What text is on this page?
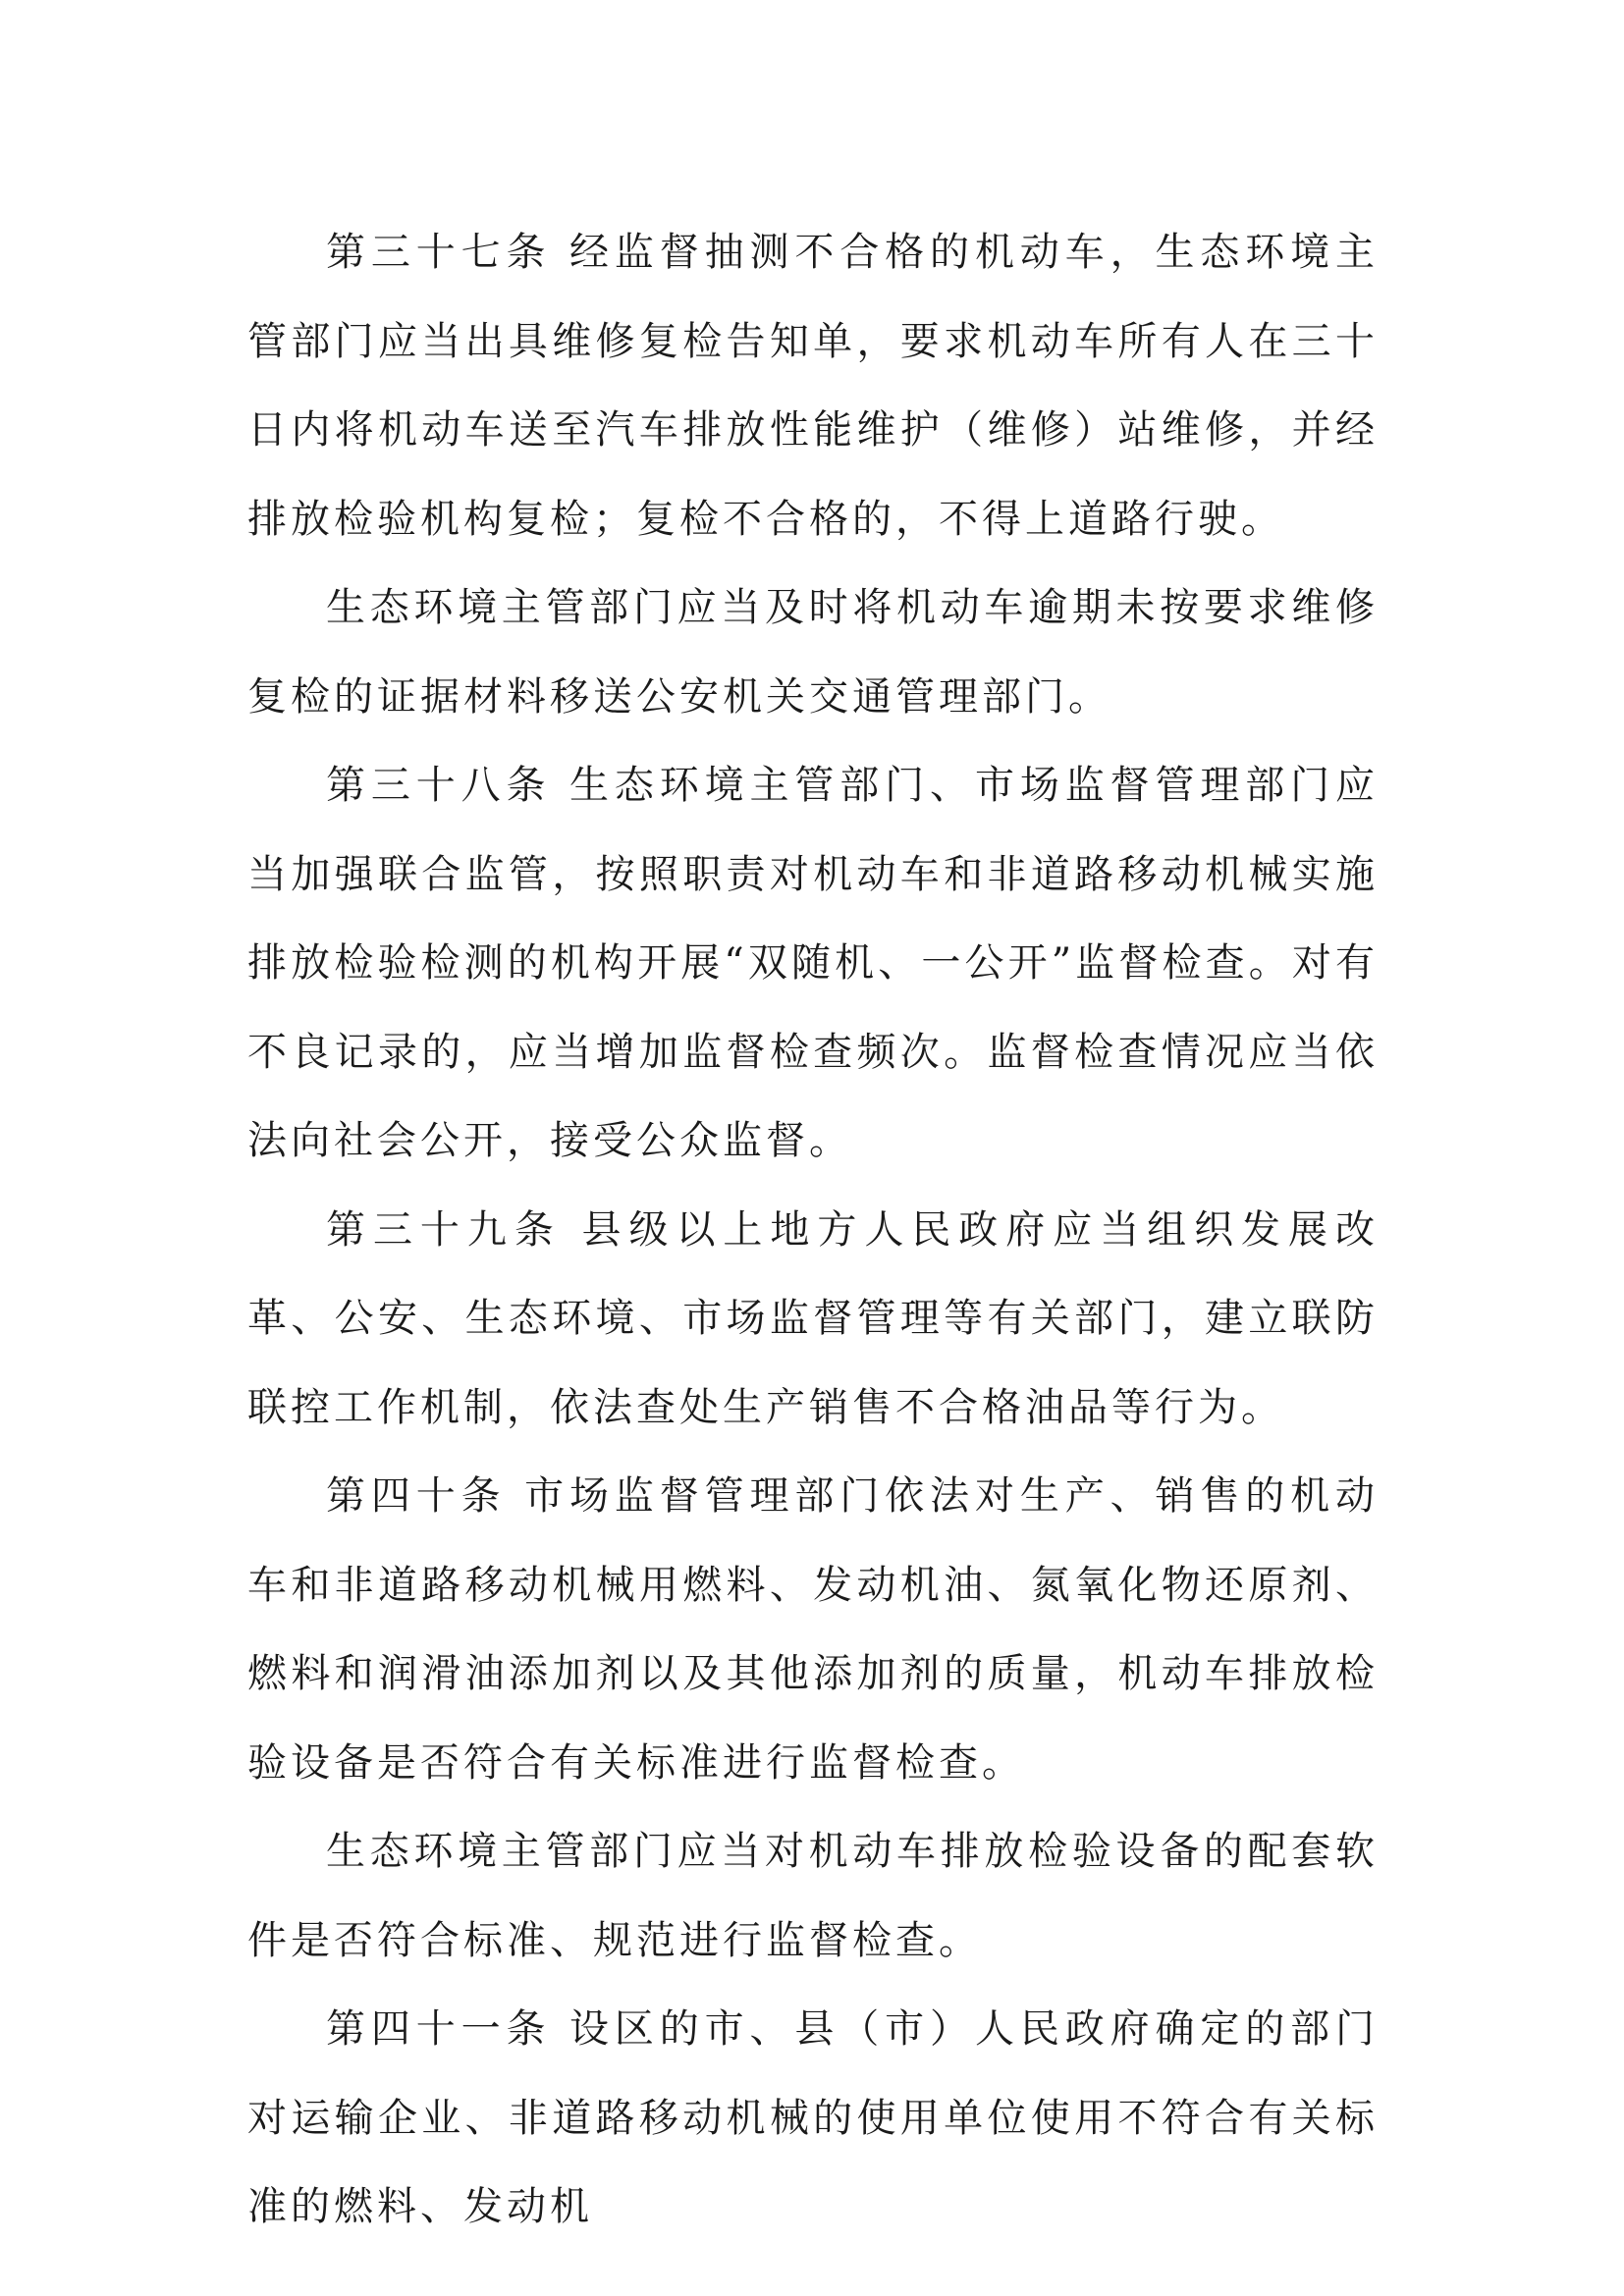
第三十七条 经监督抽测不合格的机动车，生态环境主管部门应当出具维修复检告知单，要求机动车所有人在三十日内将机动车送至汽车排放性能维护（维修）站维修，并经排放检验机构复检；复检不合格的，不得上道路行驶。

生态环境主管部门应当及时将机动车逾期未按要求维修复检的证据材料移送公安机关交通管理部门。

第三十八条 生态环境主管部门、市场监督管理部门应当加强联合监管，按照职责对机动车和非道路移动机械实施排放检验检测的机构开展“双随机、一公开”监督检查。对有不良记录的，应当增加监督检查频次。监督检查情况应当依法向社会公开，接受公众监督。

第三十九条 县级以上地方人民政府应当组织发展改革、公安、生态环境、市场监督管理等有关部门，建立联防联控工作机制，依法查处生产销售不合格油品等行为。

第四十条 市场监督管理部门依法对生产、销售的机动车和非道路移动机械用燃料、发动机油、氮氧化物还原剂、燃料和润滑油添加剂以及其他添加剂的质量，机动车排放检验设备是否符合有关标准进行监督检查。

生态环境主管部门应当对机动车排放检验设备的配套软件是否符合标准、规范进行监督检查。

第四十一条 设区的市、县（市）人民政府确定的部门对运输企业、非道路移动机械的使用单位使用不符合有关标准的燃料、发动机
